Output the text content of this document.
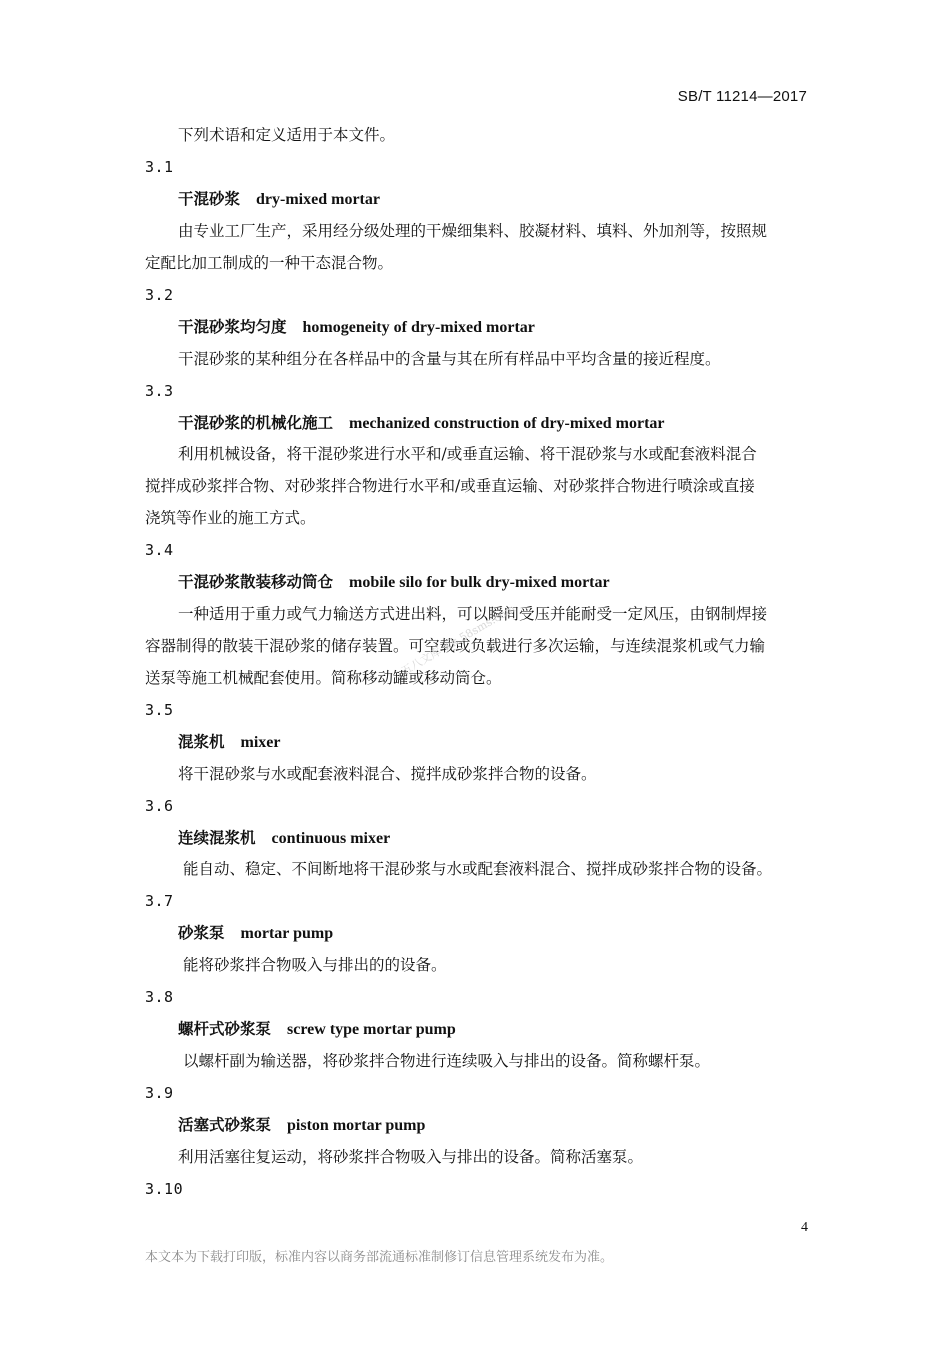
SB/T 11214—2017
下列术语和定义适用于本文件。
3.1
干混砂浆 dry-mixed mortar
由专业工厂生产，采用经分级处理的干燥细集料、胶凝材料、填料、外加剂等，按照规
定配比加工制成的一种干态混合物。
3.2
干混砂浆均匀度 homogeneity of dry-mixed mortar
干混砂浆的某种组分在各样品中的含量与其在所有样品中平均含量的接近程度。
3.3
干混砂浆的机械化施工 mechanized construction of dry-mixed mortar
利用机械设备，将干混砂浆进行水平和/或垂直运输、将干混砂浆与水或配套液料混合
搅拌成砂浆拌合物、对砂浆拌合物进行水平和/或垂直运输、对砂浆拌合物进行喷涂或直接
浇筑等作业的施工方式。
3.4
干混砂浆散装移动筒仓 mobile silo for bulk dry-mixed mortar
一种适用于重力或气力输送方式进出料，可以瞬间受压并能耐受一定风压，由钢制焊接
容器制得的散装干混砂浆的储存装置。可空载或负载进行多次运输，与连续混浆机或气力输
送泵等施工机械配套使用。简称移动罐或移动筒仓。
五八文库 wk.58sms.com
3.5
混浆机 mixer
将干混砂浆与水或配套液料混合、搅拌成砂浆拌合物的设备。
3.6
连续混浆机 continuous mixer
能自动、稳定、不间断地将干混砂浆与水或配套液料混合、搅拌成砂浆拌合物的设备。
3.7
砂浆泵 mortar pump
能将砂浆拌合物吸入与排出的的设备。
3.8
螺杆式砂浆泵 screw type mortar pump
以螺杆副为输送器，将砂浆拌合物进行连续吸入与排出的设备。简称螺杆泵。
3.9
活塞式砂浆泵 piston mortar pump
利用活塞往复运动，将砂浆拌合物吸入与排出的设备。简称活塞泵。
3.10
4
本文本为下载打印版，标准内容以商务部流通标准制修订信息管理系统发布为准。
